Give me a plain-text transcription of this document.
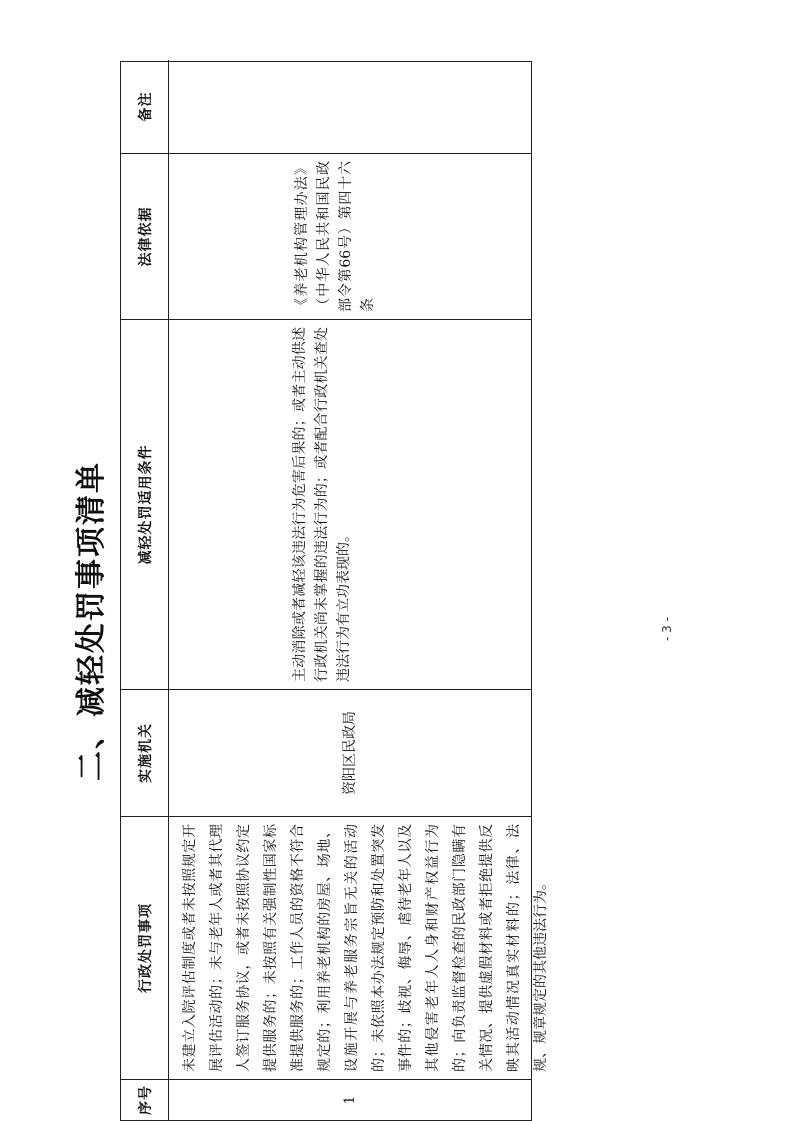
二、减轻处罚事项清单
序号	1
行政处罚事项	未建立入院评估制度或者未按照规定开展评估活动的；未与老年人或者其代理人签订服务协议，或者未按照协议约定提供服务的；未按照有关强制性国家标准提供服务的；工作人员的资格不符合规定的；利用养老机构的房屋、场地、设施开展与养老服务宗旨无关的活动的；未依照本办法规定预防和处置突发事件的；歧视、侮辱、虐待老年人以及其他侵害老年人人身和财产权益行为的；向负责监督检查的民政部门隐瞒有关情况、提供虚假材料或者拒绝提供反映其活动情况真实材料的；法律、法规、规章规定的其他违法行为。
实施机关	资阳区民政局
减轻处罚适用条件	主动消除或者减轻该违法行为危害后果的；或者主动供述行政机关尚未掌握的违法行为的；或者配合行政机关查处违法行为有立功表现的。
法律依据	《养老机构管理办法》（中华人民共和国民政部令第66号）第四十六条
备注
- 3 -
